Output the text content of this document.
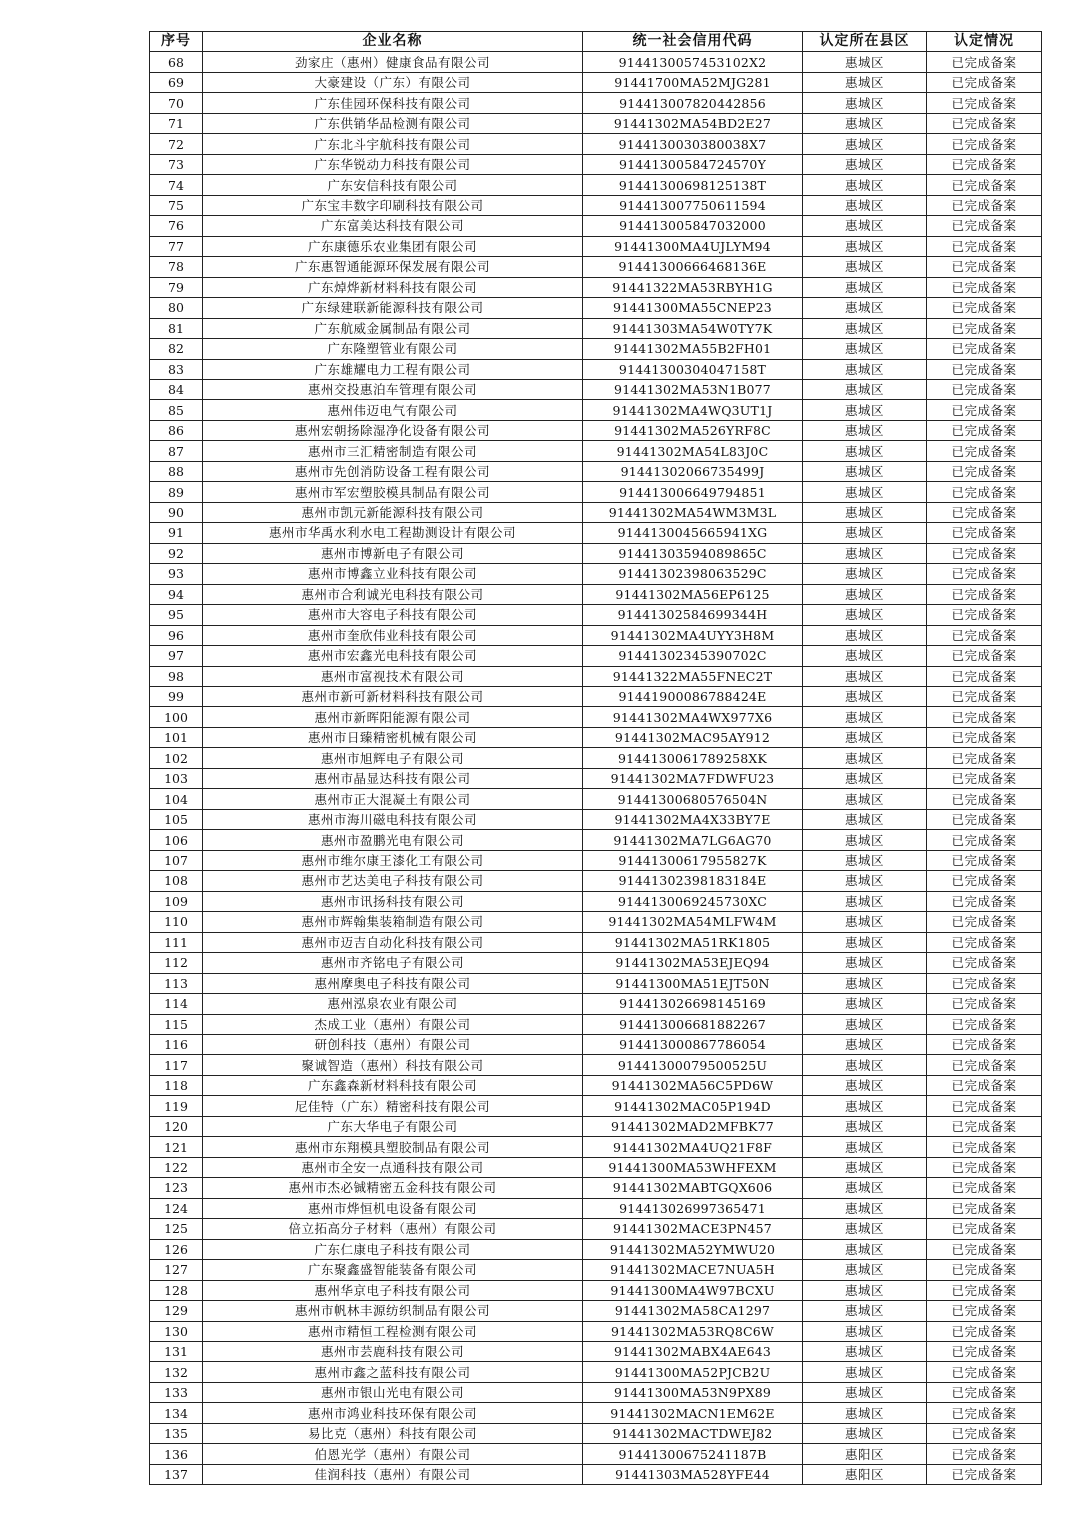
序号	企业名称	统一社会信用代码	认定所在县区	认定情况
68	劲家庄（惠州）健康食品有限公司	9144130057453102X2	惠城区	已完成备案
69	大豪建设（广东）有限公司	91441700MA52MJG281	惠城区	已完成备案
70	广东佳园环保科技有限公司	914413007820442856	惠城区	已完成备案
71	广东供销华品检测有限公司	91441302MA54BD2E27	惠城区	已完成备案
72	广东北斗宇航科技有限公司	9144130030380038X7	惠城区	已完成备案
73	广东华锐动力科技有限公司	91441300584724570Y	惠城区	已完成备案
74	广东安信科技有限公司	91441300698125138T	惠城区	已完成备案
75	广东宝丰数字印刷科技有限公司	914413007750611594	惠城区	已完成备案
76	广东富美达科技有限公司	914413005847032000	惠城区	已完成备案
77	广东康德乐农业集团有限公司	91441300MA4UJLYM94	惠城区	已完成备案
78	广东惠智通能源环保发展有限公司	91441300666468136E	惠城区	已完成备案
79	广东焯烨新材料科技有限公司	91441322MA53RBYH1G	惠城区	已完成备案
80	广东绿建联新能源科技有限公司	91441300MA55CNEP23	惠城区	已完成备案
81	广东航威金属制品有限公司	91441303MA54W0TY7K	惠城区	已完成备案
82	广东隆塑管业有限公司	91441302MA55B2FH01	惠城区	已完成备案
83	广东雄耀电力工程有限公司	91441300304047158T	惠城区	已完成备案
84	惠州交投惠泊车管理有限公司	91441302MA53N1B077	惠城区	已完成备案
85	惠州伟迈电气有限公司	91441302MA4WQ3UT1J	惠城区	已完成备案
86	惠州宏朝扬除湿净化设备有限公司	91441302MA526YRF8C	惠城区	已完成备案
87	惠州市三汇精密制造有限公司	91441302MA54L83J0C	惠城区	已完成备案
88	惠州市先创消防设备工程有限公司	91441302066735499J	惠城区	已完成备案
89	惠州市军宏塑胶模具制品有限公司	914413006649794851	惠城区	已完成备案
90	惠州市凯元新能源科技有限公司	91441302MA54WM3M3L	惠城区	已完成备案
91	惠州市华禹水利水电工程勘测设计有限公司	9144130045665941XG	惠城区	已完成备案
92	惠州市博新电子有限公司	91441303594089865C	惠城区	已完成备案
93	惠州市博鑫立业科技有限公司	91441302398063529C	惠城区	已完成备案
94	惠州市合利诚光电科技有限公司	91441302MA56EP6125	惠城区	已完成备案
95	惠州市大容电子科技有限公司	91441302584699344H	惠城区	已完成备案
96	惠州市奎欣伟业科技有限公司	91441302MA4UYY3H8M	惠城区	已完成备案
97	惠州市宏鑫光电科技有限公司	91441302345390702C	惠城区	已完成备案
98	惠州市富视技术有限公司	91441322MA55FNEC2T	惠城区	已完成备案
99	惠州市新可新材料科技有限公司	91441900086788424E	惠城区	已完成备案
100	惠州市新晖阳能源有限公司	91441302MA4WX977X6	惠城区	已完成备案
101	惠州市日臻精密机械有限公司	91441302MAC95AY912	惠城区	已完成备案
102	惠州市旭辉电子有限公司	9144130061789258XK	惠城区	已完成备案
103	惠州市晶显达科技有限公司	91441302MA7FDWFU23	惠城区	已完成备案
104	惠州市正大混凝土有限公司	91441300680576504N	惠城区	已完成备案
105	惠州市海川磁电科技有限公司	91441302MA4X33BY7E	惠城区	已完成备案
106	惠州市盈鹏光电有限公司	91441302MA7LG6AG70	惠城区	已完成备案
107	惠州市维尔康王漆化工有限公司	91441300617955827K	惠城区	已完成备案
108	惠州市艺达美电子科技有限公司	91441302398183184E	惠城区	已完成备案
109	惠州市讯扬科技有限公司	9144130069245730XC	惠城区	已完成备案
110	惠州市辉翰集装箱制造有限公司	91441302MA54MLFW4M	惠城区	已完成备案
111	惠州市迈吉自动化科技有限公司	91441302MA51RK1805	惠城区	已完成备案
112	惠州市齐铭电子有限公司	91441302MA53EJEQ94	惠城区	已完成备案
113	惠州摩奥电子科技有限公司	91441300MA51EJT50N	惠城区	已完成备案
114	惠州泓泉农业有限公司	914413026698145169	惠城区	已完成备案
115	杰成工业（惠州）有限公司	914413006681882267	惠城区	已完成备案
116	研创科技（惠州）有限公司	914413000867786054	惠城区	已完成备案
117	聚诚智造（惠州）科技有限公司	91441300079500525U	惠城区	已完成备案
118	广东鑫森新材料科技有限公司	91441302MA56C5PD6W	惠城区	已完成备案
119	尼佳特（广东）精密科技有限公司	91441302MAC05P194D	惠城区	已完成备案
120	广东大华电子有限公司	91441302MAD2MFBK77	惠城区	已完成备案
121	惠州市东翔模具塑胶制品有限公司	91441302MA4UQ21F8F	惠城区	已完成备案
122	惠州市全安一点通科技有限公司	91441300MA53WHFEXM	惠城区	已完成备案
123	惠州市杰必铖精密五金科技有限公司	91441302MABTGQX606	惠城区	已完成备案
124	惠州市烨恒机电设备有限公司	914413026997365471	惠城区	已完成备案
125	倍立拓高分子材料（惠州）有限公司	91441302MACE3PN457	惠城区	已完成备案
126	广东仁康电子科技有限公司	91441302MA52YMWU20	惠城区	已完成备案
127	广东聚鑫盛智能装备有限公司	91441302MACE7NUA5H	惠城区	已完成备案
128	惠州华京电子科技有限公司	91441300MA4W97BCXU	惠城区	已完成备案
129	惠州市帆林丰源纺织制品有限公司	91441302MA58CA1297	惠城区	已完成备案
130	惠州市精恒工程检测有限公司	91441302MA53RQ8C6W	惠城区	已完成备案
131	惠州市芸鹿科技有限公司	91441302MABX4AE643	惠城区	已完成备案
132	惠州市鑫之蓝科技有限公司	91441300MA52PJCB2U	惠城区	已完成备案
133	惠州市银山光电有限公司	91441300MA53N9PX89	惠城区	已完成备案
134	惠州市鸿业科技环保有限公司	91441302MACN1EM62E	惠城区	已完成备案
135	易比克（惠州）科技有限公司	91441302MACTDWEJ82	惠城区	已完成备案
136	伯恩光学（惠州）有限公司	91441300675241187B	惠阳区	已完成备案
137	佳润科技（惠州）有限公司	91441303MA528YFE44	惠阳区	已完成备案
